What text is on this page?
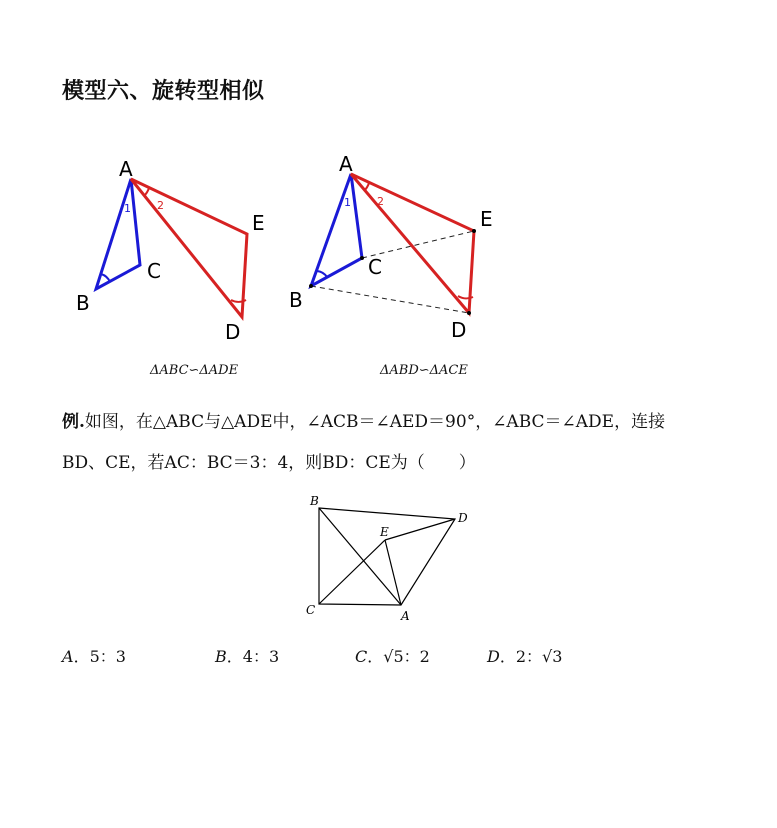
模型六、旋转型相似
A
B
C
D
E
1 2
A
B
C
D
E
1 2
B
D
E
C	A
ΔABC∽ΔADE	ΔABD∽ΔACE
例.如图，在△ABC与△ADE中，∠ACB＝∠AED＝90°，∠ABC＝∠ADE，连接
BD、CE，若AC：BC＝3：4，则BD：CE为（　　）
A．5：3	B．4：3	C．√5：2	D．2：√3
